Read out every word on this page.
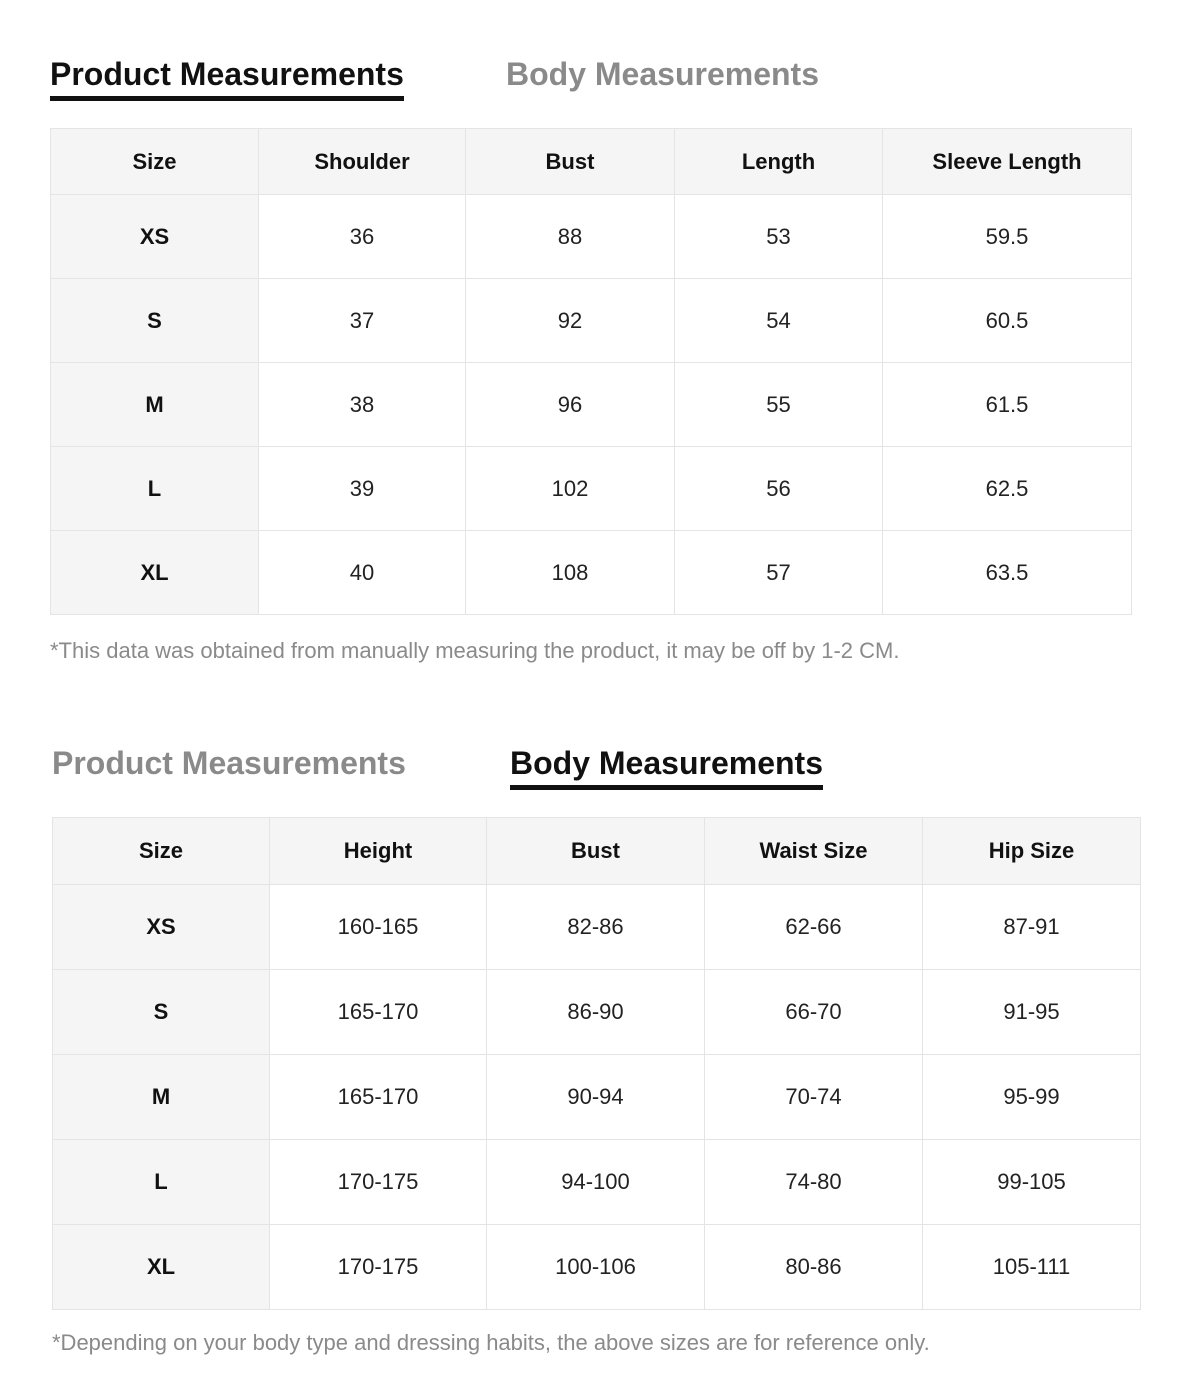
Product Measurements	Body Measurements
Size	Shoulder	Bust	Length	Sleeve Length
XS	36	88	53	59.5
S	37	92	54	60.5
M	38	96	55	61.5
L	39	102	56	62.5
XL	40	108	57	63.5
*This data was obtained from manually measuring the product, it may be off by 1-2 CM.
Product Measurements	Body Measurements
Size	Height	Bust	Waist Size	Hip Size
XS	160-165	82-86	62-66	87-91
S	165-170	86-90	66-70	91-95
M	165-170	90-94	70-74	95-99
L	170-175	94-100	74-80	99-105
XL	170-175	100-106	80-86	105-111
*Depending on your body type and dressing habits, the above sizes are for reference only.
